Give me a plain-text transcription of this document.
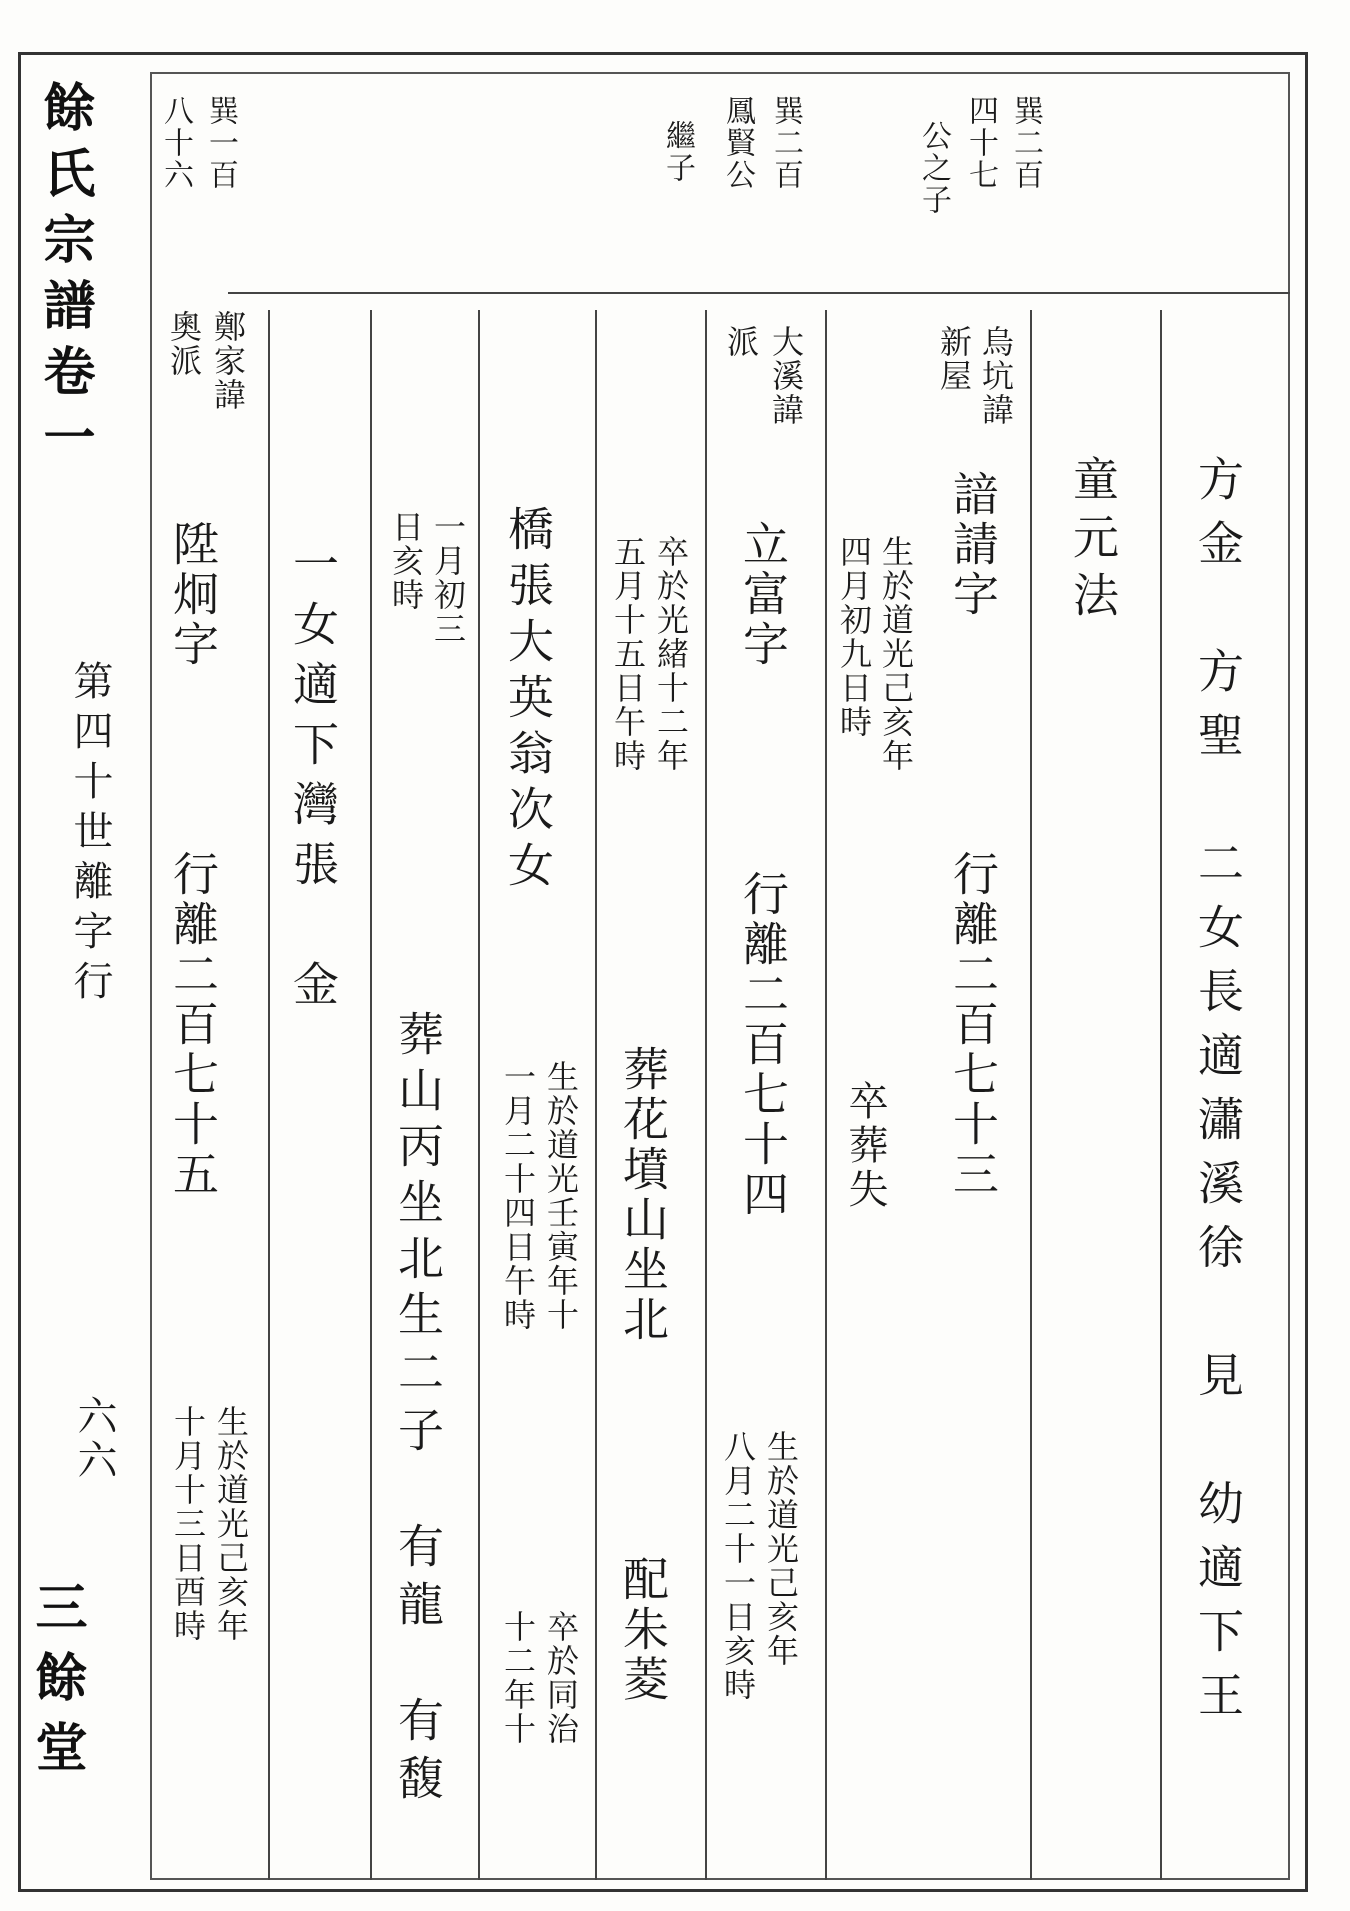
餘氏宗譜卷一
第四十世離字行
六六
三餘堂
巽二百
四十七
公之子
巽二百
鳳賢公
繼子
巽一百
八十六
方金　方聖　二女長適瀟溪徐　見　幼適下王
童元法
烏坑諱
新屋
諳請字
行離二百七十三
生於道光己亥年
四月初九日時
卒葬失
大溪諱
派
立富字
行離二百七十四
卒於光緒十二年
五月十五日午時
生於道光己亥年
八月二十一日亥時
葬花墳山坐北
配朱菱
橋張大英翁次女
生於道光壬寅年十
一月二十四日午時
卒於同治
十二年十
一月初三
日亥時
葬山丙坐北
生二子　有龍　有馥
一女適下灣張　金
鄭家諱
奧派
陞炯字
行離二百七十五
生於道光己亥年
十月十三日酉時
